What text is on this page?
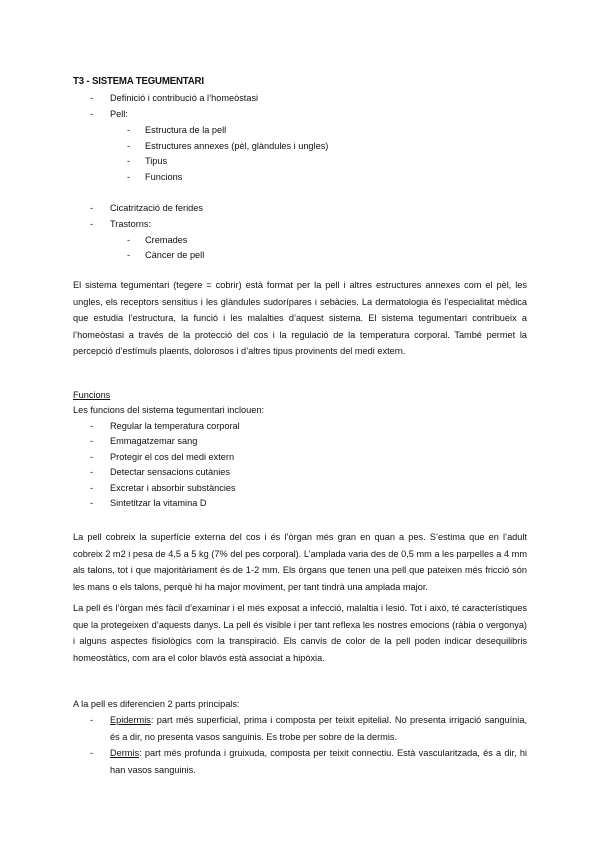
T3 - SISTEMA TEGUMENTARI
- Definició i contribució a l’homeòstasi
- Pell:
- Estructura de la pell
- Estructures annexes (pèl, glàndules i ungles)
- Tipus
- Funcions
- Cicatrització de ferides
- Trastorns:
- Cremades
- Càncer de pell

El sistema tegumentari (tegere = cobrir) està format per la pell i altres estructures annexes com el pèl, les ungles, els receptors sensitius i les glàndules sudorípares i sebàcies. La dermatologia és l’especialitat mèdica que estudia l’estructura, la funció i les malalties d’aquest sistema. El sistema tegumentari contribueix a l’homeòstasi a través de la protecció del cos i la regulació de la temperatura corporal. També permet la percepció d’estímuls plaents, dolorosos i d’altres tipus provinents del medi extern.

Funcions
Les funcions del sistema tegumentari inclouen:
- Regular la temperatura corporal
- Emmagatzemar sang
- Protegir el cos del medi extern
- Detectar sensacions cutànies
- Excretar i absorbir substàncies
- Sintetitzar la vitamina D

La pell cobreix la superfície externa del cos i és l’òrgan més gran en quan a pes. S’estima que en l’adult cobreix 2 m2 i pesa de 4,5 a 5 kg (7% del pes corporal). L’amplada varia des de 0,5 mm a les parpelles a 4 mm als talons, tot i que majoritàriament és de 1-2 mm. Els òrgans que tenen una pell que pateixen més fricció són les mans o els talons, perquè hi ha major moviment, per tant tindrà una amplada major.

La pell és l’òrgan més fàcil d’examinar i el més exposat a infecció, malaltia i lesió. Tot i això, té característiques que la protegeixen d’aquests danys. La pell és visible i per tant reflexa les nostres emocions (ràbia o vergonya) i alguns aspectes fisiològics com la transpiració. Els canvis de color de la pell poden indicar desequilibris homeostàtics, com ara el color blavós està associat a hipòxia.

A la pell es diferencien 2 parts principals:
- Epidermis: part més superficial, prima i composta per teixit epitelial. No presenta irrigació sanguínia, és a dir, no presenta vasos sanguinis. Es trobe per sobre de la dermis.
- Dermis: part més profunda i gruixuda, composta per teixit connectiu. Està vascularitzada, és a dir, hi han vasos sanguinis.
